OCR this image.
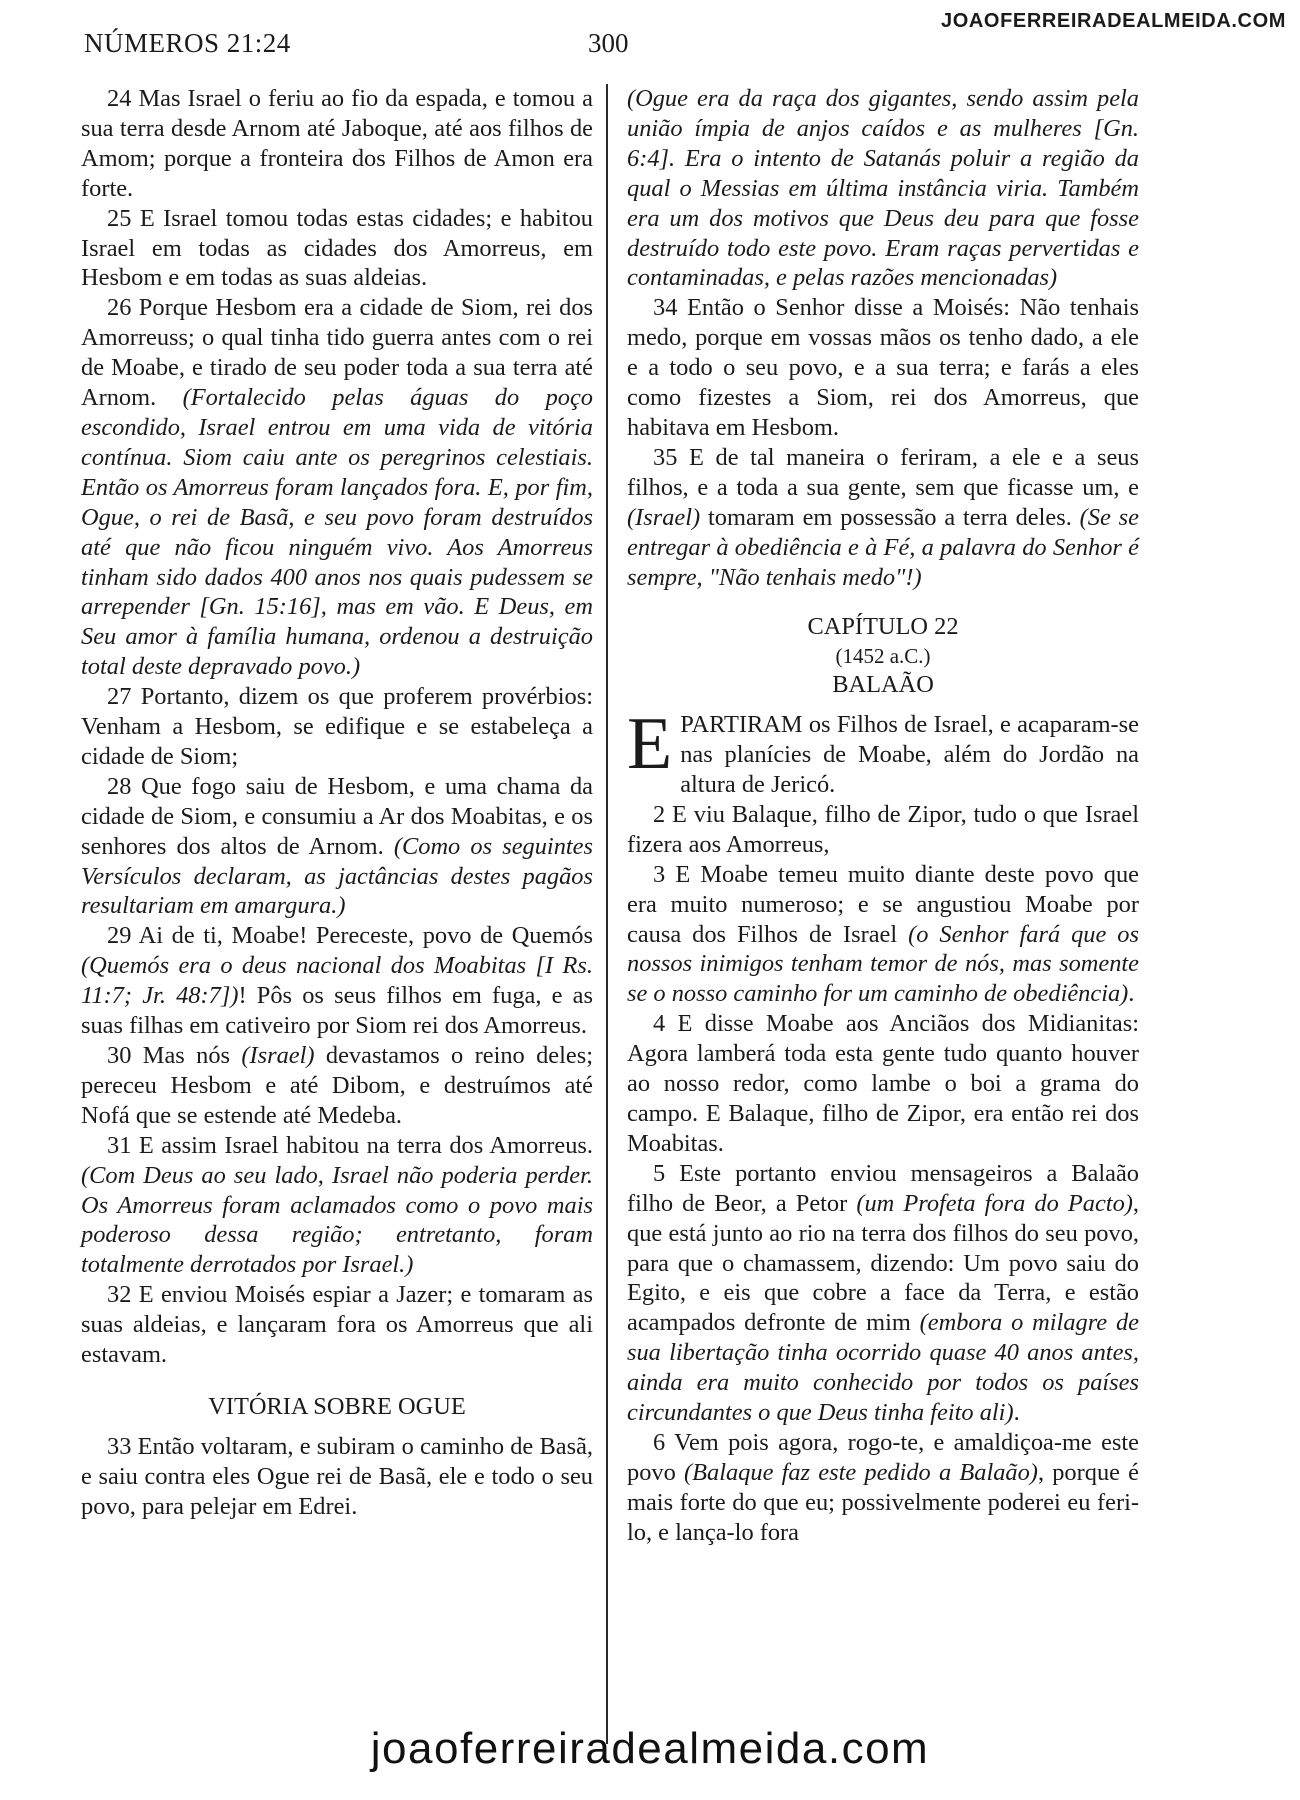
NÚMEROS 21:24	300
JOAOFERREIRADEALMEIDA.COM

24 Mas Israel o feriu ao fio da espada, e tomou a sua terra desde Arnom até Jaboque, até aos filhos de Amom; porque a fronteira dos Filhos de Amon era forte.

25 E Israel tomou todas estas cidades; e habitou Israel em todas as cidades dos Amorreus, em Hesbom e em todas as suas aldeias.

26 Porque Hesbom era a cidade de Siom, rei dos Amorreuss; o qual tinha tido guerra antes com o rei de Moabe, e tirado de seu poder toda a sua terra até Arnom. (Fortalecido pelas águas do poço escondido, Israel entrou em uma vida de vitória contínua. Siom caiu ante os peregrinos celestiais. Então os Amorreus foram lançados fora. E, por fim, Ogue, o rei de Basã, e seu povo foram destruídos até que não ficou ninguém vivo. Aos Amorreus tinham sido dados 400 anos nos quais pudessem se arrepender [Gn. 15:16], mas em vão. E Deus, em Seu amor à família humana, ordenou a destruição total deste depravado povo.)

27 Portanto, dizem os que proferem provérbios: Venham a Hesbom, se edifique e se estabeleça a cidade de Siom;

28 Que fogo saiu de Hesbom, e uma chama da cidade de Siom, e consumiu a Ar dos Moabitas, e os senhores dos altos de Arnom. (Como os seguintes Versículos declaram, as jactâncias destes pagãos resultariam em amargura.)

29 Ai de ti, Moabe! Pereceste, povo de Quemós (Quemós era o deus nacional dos Moabitas [I Rs. 11:7; Jr. 48:7])! Pôs os seus filhos em fuga, e as suas filhas em cativeiro por Siom rei dos Amorreus.

30 Mas nós (Israel) devastamos o reino deles; pereceu Hesbom e até Dibom, e destruímos até Nofá que se estende até Medeba.

31 E assim Israel habitou na terra dos Amorreus. (Com Deus ao seu lado, Israel não poderia perder. Os Amorreus foram aclamados como o povo mais poderoso dessa região; entretanto, foram totalmente derrotados por Israel.)

32 E enviou Moisés espiar a Jazer; e tomaram as suas aldeias, e lançaram fora os Amorreus que ali estavam.

VITÓRIA SOBRE OGUE

33 Então voltaram, e subiram o caminho de Basã, e saiu contra eles Ogue rei de Basã, ele e todo o seu povo, para pelejar em Edrei.

(Ogue era da raça dos gigantes, sendo assim pela união ímpia de anjos caídos e as mulheres [Gn. 6:4]. Era o intento de Satanás poluir a região da qual o Messias em última instância viria. Também era um dos motivos que Deus deu para que fosse destruído todo este povo. Eram raças pervertidas e contaminadas, e pelas razões mencionadas)

34 Então o Senhor disse a Moisés: Não tenhais medo, porque em vossas mãos os tenho dado, a ele e a todo o seu povo, e a sua terra; e farás a eles como fizestes a Siom, rei dos Amorreus, que habitava em Hesbom.

35 E de tal maneira o feriram, a ele e a seus filhos, e a toda a sua gente, sem que ficasse um, e (Israel) tomaram em possessão a terra deles. (Se se entregar à obediência e à Fé, a palavra do Senhor é sempre, "Não tenhais medo"!)

CAPÍTULO 22

(1452 a.C.)

BALAÃO

EPARTIRAM os Filhos de Israel, e acaparam-se nas planícies de Moabe, além do Jordão na altura de Jericó.

2 E viu Balaque, filho de Zipor, tudo o que Israel fizera aos Amorreus,

3 E Moabe temeu muito diante deste povo que era muito numeroso; e se angustiou Moabe por causa dos Filhos de Israel (o Senhor fará que os nossos inimigos tenham temor de nós, mas somente se o nosso caminho for um caminho de obediência).

4 E disse Moabe aos Anciãos dos Midianitas: Agora lamberá toda esta gente tudo quanto houver ao nosso redor, como lambe o boi a grama do campo. E Balaque, filho de Zipor, era então rei dos Moabitas.

5 Este portanto enviou mensageiros a Balaão filho de Beor, a Petor (um Profeta fora do Pacto), que está junto ao rio na terra dos filhos do seu povo, para que o chamassem, dizendo: Um povo saiu do Egito, e eis que cobre a face da Terra, e estão acampados defronte de mim (embora o milagre de sua libertação tinha ocorrido quase 40 anos antes, ainda era muito conhecido por todos os países circundantes o que Deus tinha feito ali).

6 Vem pois agora, rogo-te, e amaldiçoa-me este povo (Balaque faz este pedido a Balaão), porque é mais forte do que eu; possivelmente poderei eu feri-lo, e lança-lo fora

joaoferreiradealmeida.com
